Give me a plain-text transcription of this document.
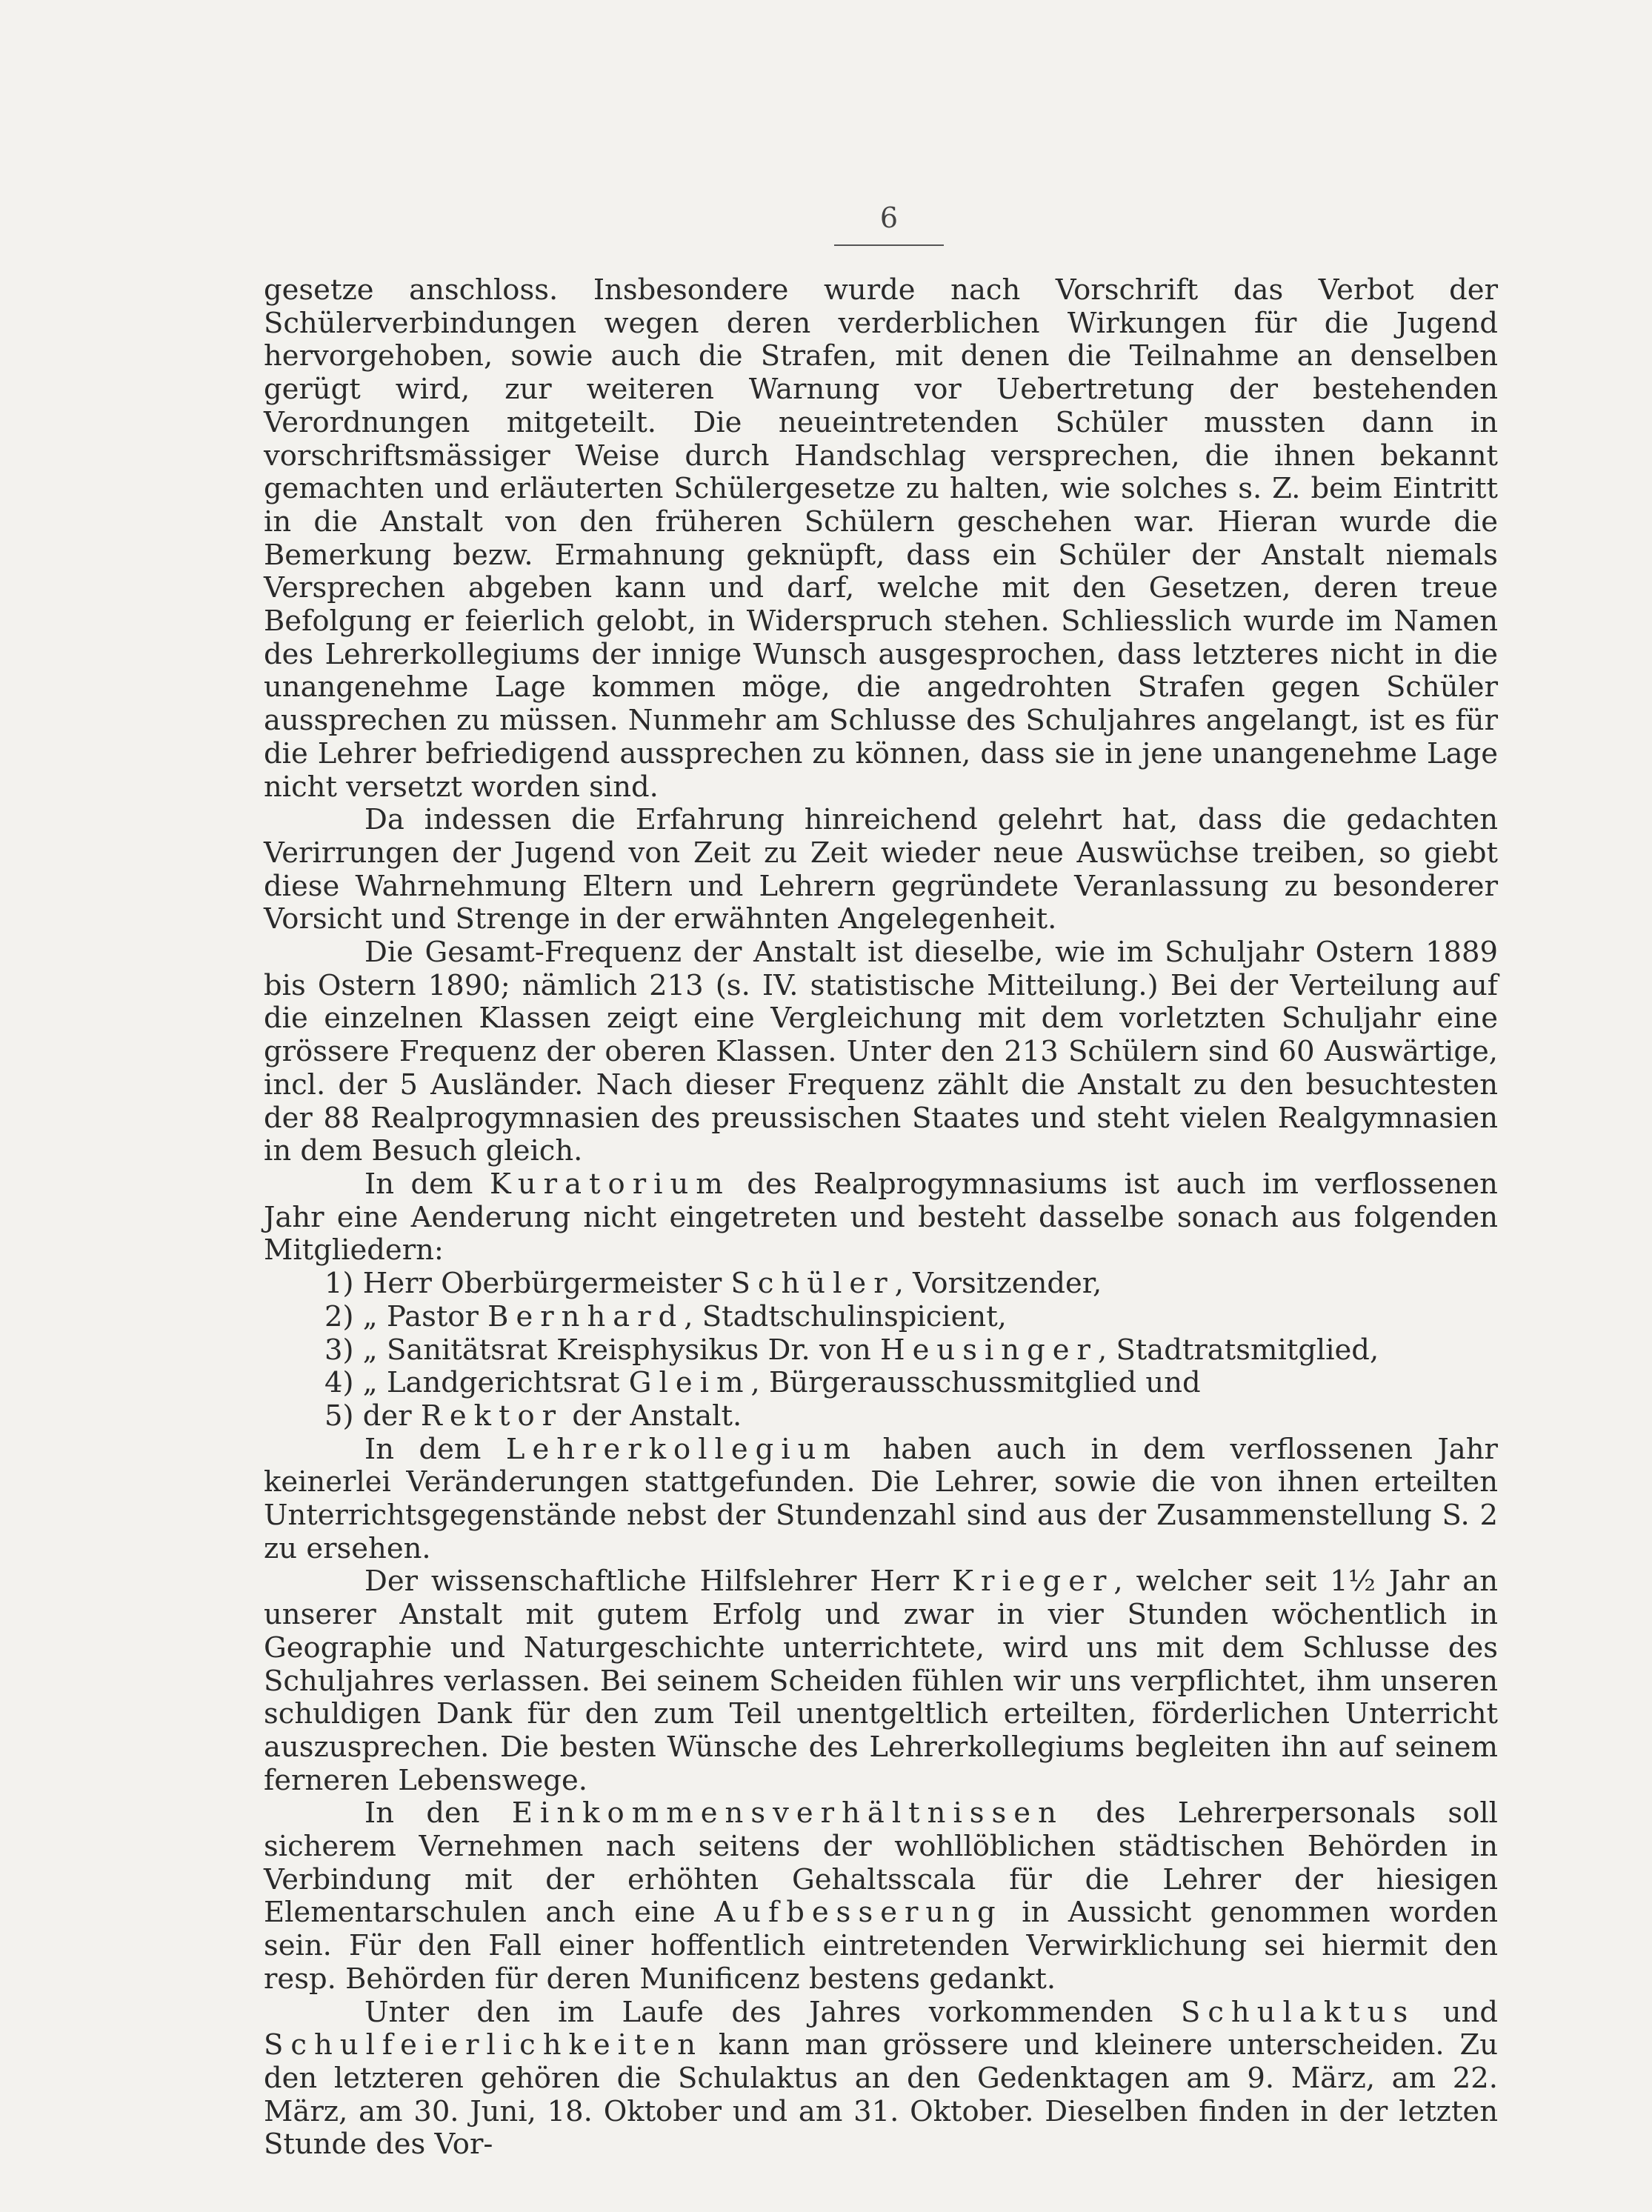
6

gesetze anschloss. Insbesondere wurde nach Vorschrift das Verbot der Schülerverbindungen wegen deren verderblichen Wirkungen für die Jugend hervorgehoben, sowie auch die Strafen, mit denen die Teilnahme an denselben gerügt wird, zur weiteren Warnung vor Uebertretung der bestehenden Verordnungen mitgeteilt. Die neueintretenden Schüler mussten dann in vorschriftsmässiger Weise durch Handschlag versprechen, die ihnen bekannt gemachten und erläuterten Schülergesetze zu halten, wie solches s. Z. beim Eintritt in die Anstalt von den früheren Schülern geschehen war. Hieran wurde die Bemerkung bezw. Ermahnung geknüpft, dass ein Schüler der Anstalt niemals Versprechen abgeben kann und darf, welche mit den Gesetzen, deren treue Befolgung er feierlich gelobt, in Widerspruch stehen. Schliesslich wurde im Namen des Lehrerkollegiums der innige Wunsch ausgesprochen, dass letzteres nicht in die unangenehme Lage kommen möge, die angedrohten Strafen gegen Schüler aussprechen zu müssen. Nunmehr am Schlusse des Schuljahres angelangt, ist es für die Lehrer befriedigend aussprechen zu können, dass sie in jene unangenehme Lage nicht versetzt worden sind.

Da indessen die Erfahrung hinreichend gelehrt hat, dass die gedachten Verirrungen der Jugend von Zeit zu Zeit wieder neue Auswüchse treiben, so giebt diese Wahrnehmung Eltern und Lehrern gegründete Veranlassung zu besonderer Vorsicht und Strenge in der erwähnten Angelegenheit.

Die Gesamt-Frequenz der Anstalt ist dieselbe, wie im Schuljahr Ostern 1889 bis Ostern 1890; nämlich 213 (s. IV. statistische Mitteilung.) Bei der Verteilung auf die einzelnen Klassen zeigt eine Vergleichung mit dem vorletzten Schuljahr eine grössere Frequenz der oberen Klassen. Unter den 213 Schülern sind 60 Auswärtige, incl. der 5 Ausländer. Nach dieser Frequenz zählt die Anstalt zu den besuchtesten der 88 Realprogymnasien des preussischen Staates und steht vielen Realgymnasien in dem Besuch gleich.

In dem Kuratorium des Realprogymnasiums ist auch im verflossenen Jahr eine Aenderung nicht eingetreten und besteht dasselbe sonach aus folgenden Mitgliedern:

1) Herr Oberbürgermeister Schüler, Vorsitzender,
2) „ Pastor Bernhard, Stadtschulinspicient,
3) „ Sanitätsrat Kreisphysikus Dr. von Heusinger, Stadtratsmitglied,
4) „ Landgerichtsrat Gleim, Bürgerausschussmitglied und
5) der Rektor der Anstalt.

In dem Lehrerkollegium haben auch in dem verflossenen Jahr keinerlei Veränderungen stattgefunden. Die Lehrer, sowie die von ihnen erteilten Unterrichtsgegenstände nebst der Stundenzahl sind aus der Zusammenstellung S. 2 zu ersehen.

Der wissenschaftliche Hilfslehrer Herr Krieger, welcher seit 1½ Jahr an unserer Anstalt mit gutem Erfolg und zwar in vier Stunden wöchentlich in Geographie und Naturgeschichte unterrichtete, wird uns mit dem Schlusse des Schuljahres verlassen. Bei seinem Scheiden fühlen wir uns verpflichtet, ihm unseren schuldigen Dank für den zum Teil unentgeltlich erteilten, förderlichen Unterricht auszusprechen. Die besten Wünsche des Lehrerkollegiums begleiten ihn auf seinem ferneren Lebenswege.

In den Einkommensverhältnissen des Lehrerpersonals soll sicherem Vernehmen nach seitens der wohllöblichen städtischen Behörden in Verbindung mit der erhöhten Gehaltsscala für die Lehrer der hiesigen Elementarschulen anch eine Aufbesserung in Aussicht genommen worden sein. Für den Fall einer hoffentlich eintretenden Verwirklichung sei hiermit den resp. Behörden für deren Munificenz bestens gedankt.

Unter den im Laufe des Jahres vorkommenden Schulaktus und Schulfeierlichkeiten kann man grössere und kleinere unterscheiden. Zu den letzteren gehören die Schulaktus an den Gedenktagen am 9. März, am 22. März, am 30. Juni, 18. Oktober und am 31. Oktober. Dieselben finden in der letzten Stunde des Vor-
